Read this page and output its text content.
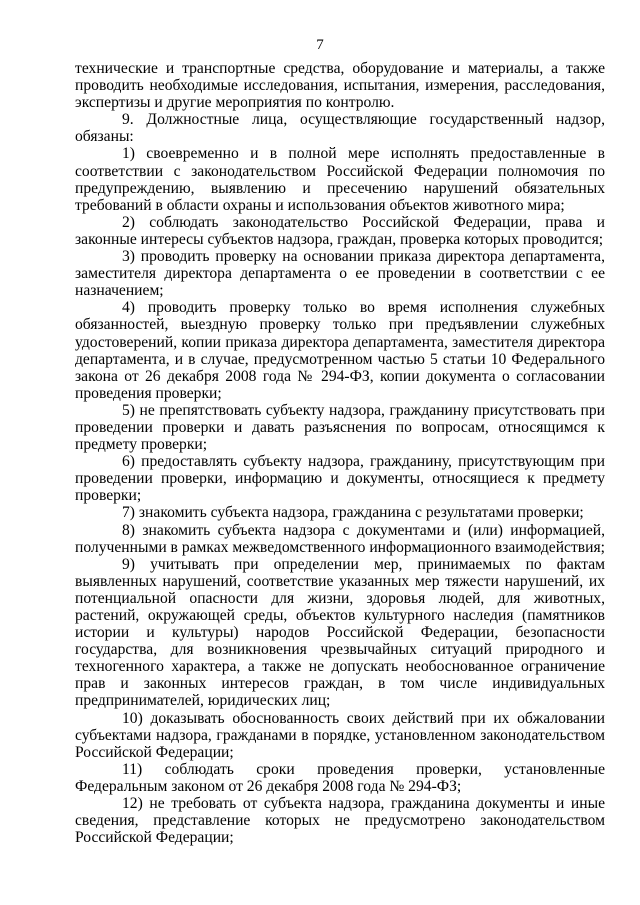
7

технические и транспортные средства, оборудование и материалы, а также проводить необходимые исследования, испытания, измерения, расследования, экспертизы и другие мероприятия по контролю.

9. Должностные лица, осуществляющие государственный надзор, обязаны:

1) своевременно и в полной мере исполнять предоставленные в соответствии с законодательством Российской Федерации полномочия по предупреждению, выявлению и пресечению нарушений обязательных требований в области охраны и использования объектов животного мира;

2) соблюдать законодательство Российской Федерации, права и законные интересы субъектов надзора, граждан, проверка которых проводится;

3) проводить проверку на основании приказа директора департамента, заместителя директора департамента о ее проведении в соответствии с ее назначением;

4) проводить проверку только во время исполнения служебных обязанностей, выездную проверку только при предъявлении служебных удостоверений, копии приказа директора департамента, заместителя директора департамента, и в случае, предусмотренном частью 5 статьи 10 Федерального закона от 26 декабря 2008 года № 294-ФЗ, копии документа о согласовании проведения проверки;

5) не препятствовать субъекту надзора, гражданину присутствовать при проведении проверки и давать разъяснения по вопросам, относящимся к предмету проверки;

6) предоставлять субъекту надзора, гражданину, присутствующим при проведении проверки, информацию и документы, относящиеся к предмету проверки;

7) знакомить субъекта надзора, гражданина с результатами проверки;

8) знакомить субъекта надзора с документами и (или) информацией, полученными в рамках межведомственного информационного взаимодействия;

9) учитывать при определении мер, принимаемых по фактам выявленных нарушений, соответствие указанных мер тяжести нарушений, их потенциальной опасности для жизни, здоровья людей, для животных, растений, окружающей среды, объектов культурного наследия (памятников истории и культуры) народов Российской Федерации, безопасности государства, для возникновения чрезвычайных ситуаций природного и техногенного характера, а также не допускать необоснованное ограничение прав и законных интересов граждан, в том числе индивидуальных предпринимателей, юридических лиц;

10) доказывать обоснованность своих действий при их обжаловании субъектами надзора, гражданами в порядке, установленном законодательством Российской Федерации;

11) соблюдать сроки проведения проверки, установленные Федеральным законом от 26 декабря 2008 года № 294-ФЗ;

12) не требовать от субъекта надзора, гражданина документы и иные сведения, представление которых не предусмотрено законодательством Российской Федерации;
